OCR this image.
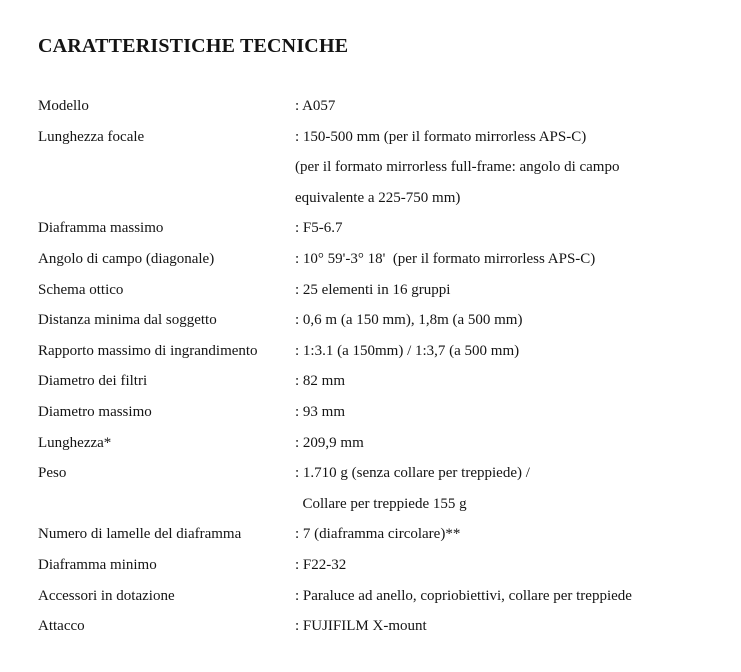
CARATTERISTICHE TECNICHE
Modello	: A057
Lunghezza focale	: 150-500 mm (per il formato mirrorless APS-C)
(per il formato mirrorless full-frame: angolo di campo
equivalente a 225-750 mm)
Diaframma massimo	: F5-6.7
Angolo di campo (diagonale)	: 10° 59'-3° 18'  (per il formato mirrorless APS-C)
Schema ottico	: 25 elementi in 16 gruppi
Distanza minima dal soggetto	: 0,6 m (a 150 mm), 1,8m (a 500 mm)
Rapporto massimo di ingrandimento	: 1:3.1 (a 150mm) / 1:3,7 (a 500 mm)
Diametro dei filtri	: 82 mm
Diametro massimo	: 93 mm
Lunghezza*	: 209,9 mm
Peso	: 1.710 g (senza collare per treppiede) /
Collare per treppiede 155 g
Numero di lamelle del diaframma	: 7 (diaframma circolare)**
Diaframma minimo	: F22-32
Accessori in dotazione	: Paraluce ad anello, copriobiettivi, collare per treppiede
Attacco	: FUJIFILM X-mount
